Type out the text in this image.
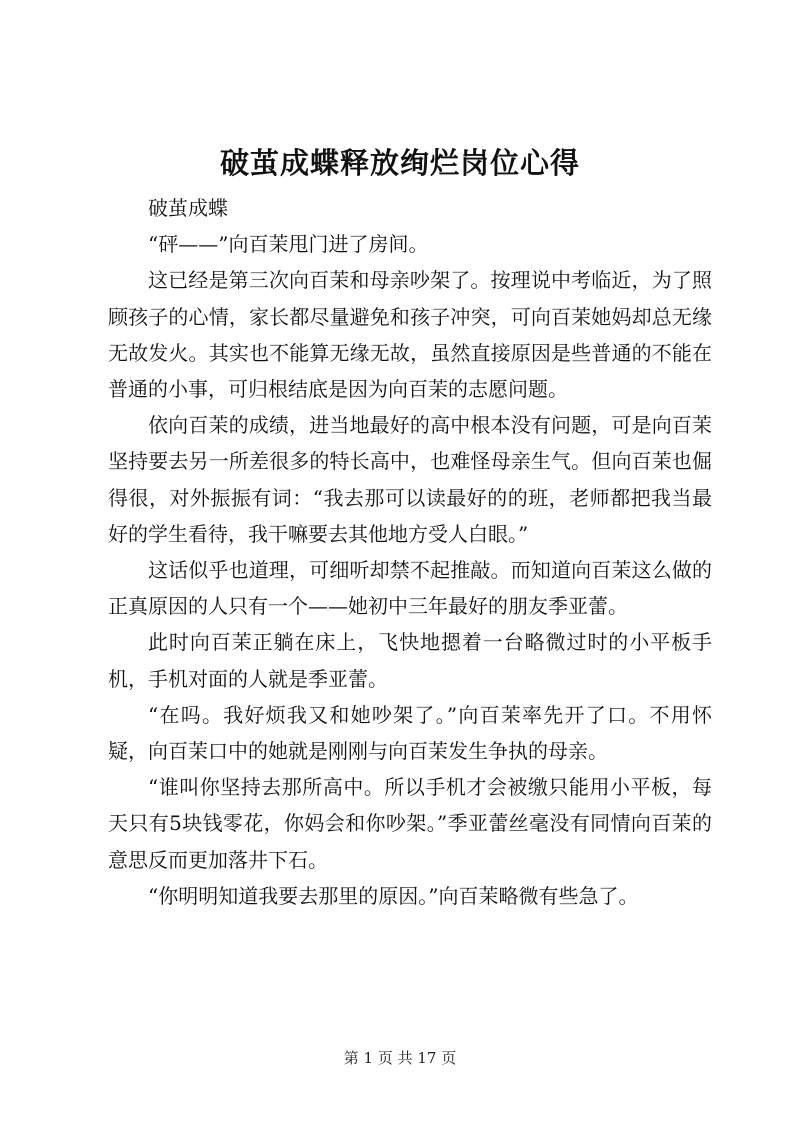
破茧成蝶释放绚烂岗位心得

破茧成蝶

“砰——”向百茉甩门进了房间。

这已经是第三次向百茉和母亲吵架了。按理说中考临近，为了照顾孩子的心情，家长都尽量避免和孩子冲突，可向百茉她妈却总无缘无故发火。其实也不能算无缘无故，虽然直接原因是些普通的不能在普通的小事，可归根结底是因为向百茉的志愿问题。

依向百茉的成绩，进当地最好的高中根本没有问题，可是向百茉坚持要去另一所差很多的特长高中，也难怪母亲生气。但向百茉也倔得很，对外振振有词：“我去那可以读最好的的班，老师都把我当最好的学生看待，我干嘛要去其他地方受人白眼。”

这话似乎也道理，可细听却禁不起推敲。而知道向百茉这么做的正真原因的人只有一个——她初中三年最好的朋友季亚蕾。

此时向百茉正躺在床上，飞快地摁着一台略微过时的小平板手机，手机对面的人就是季亚蕾。

“在吗。我好烦我又和她吵架了。”向百茉率先开了口。不用怀疑，向百茉口中的她就是刚刚与向百茉发生争执的母亲。

“谁叫你坚持去那所高中。所以手机才会被缴只能用小平板，每天只有5块钱零花，你妈会和你吵架。”季亚蕾丝毫没有同情向百茉的意思反而更加落井下石。

“你明明知道我要去那里的原因。”向百茉略微有些急了。

第 1 页 共 17 页
